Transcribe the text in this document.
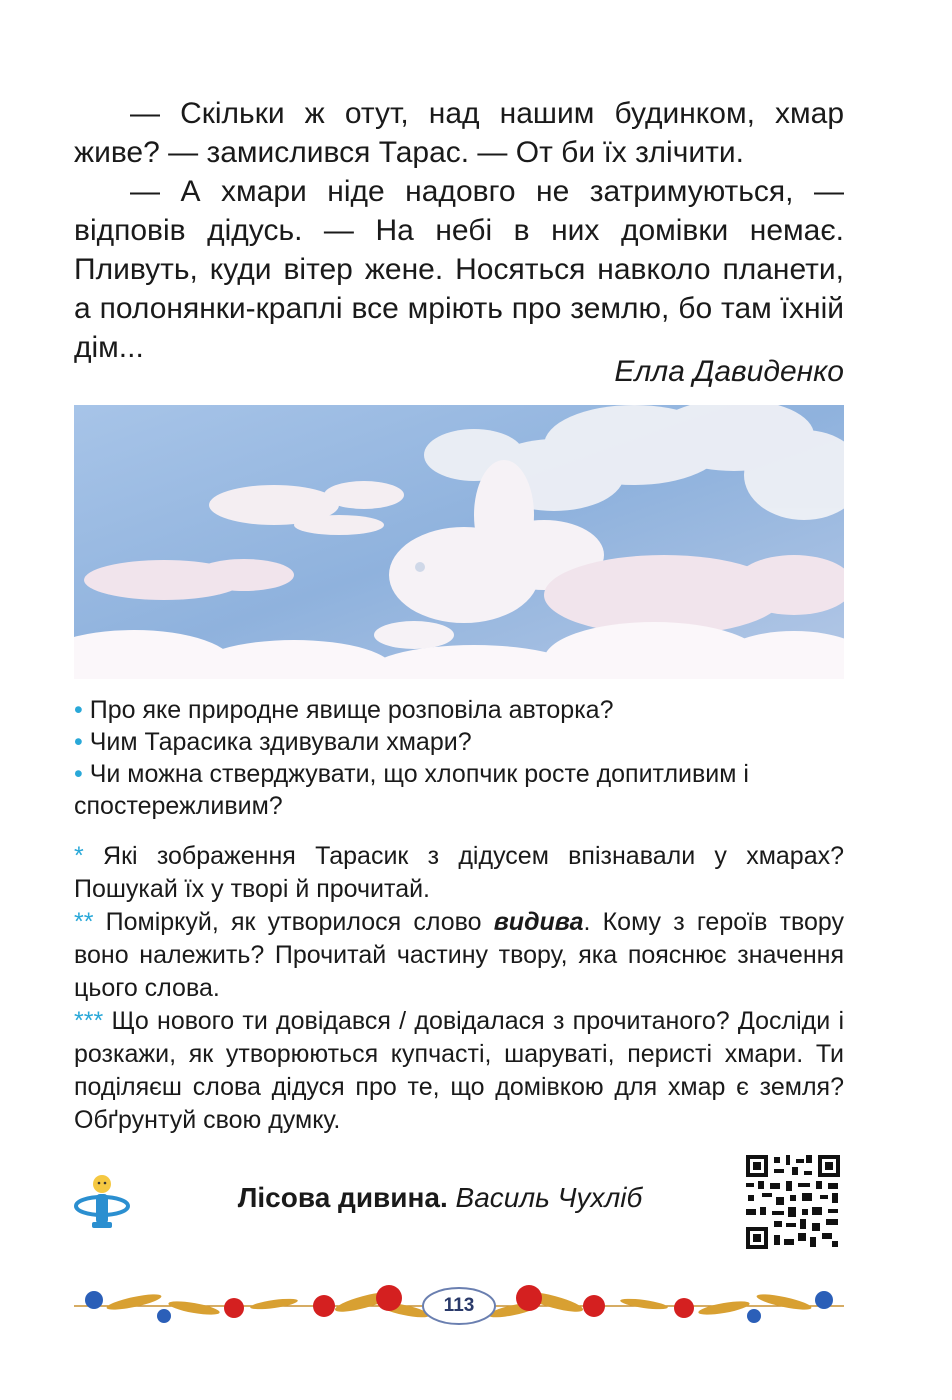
— Скільки ж отут, над нашим будинком, хмар живе? — замислився Тарас. — От би їх злічити.

— А хмари ніде надовго не затримуються, — відповів дідусь. — На небі в них домівки немає. Пливуть, куди вітер жене. Носяться навколо планети, а полонянки-краплі все мріють про землю, бо там їхній дім...

Елла Давиденко

• Про яке природне явище розповіла авторка?

• Чим Тарасика здивували хмари?

• Чи можна стверджувати, що хлопчик росте допитливим і спостережливим?

* Які зображення Тарасик з дідусем впізнавали у хмарах? Пошукай їх у творі й прочитай.

** Поміркуй, як утворилося слово видива. Кому з героїв твору воно належить? Прочитай частину твору, яка пояснює значення цього слова.

*** Що нового ти довідався / довідалася з прочитаного? Досліди і розкажи, як утворюються купчасті, шаруваті, перисті хмари. Ти поділяєш слова дідуся про те, що домівкою для хмар є земля? Обґрунтуй свою думку.

Лісова дивина. Василь Чухліб
113
